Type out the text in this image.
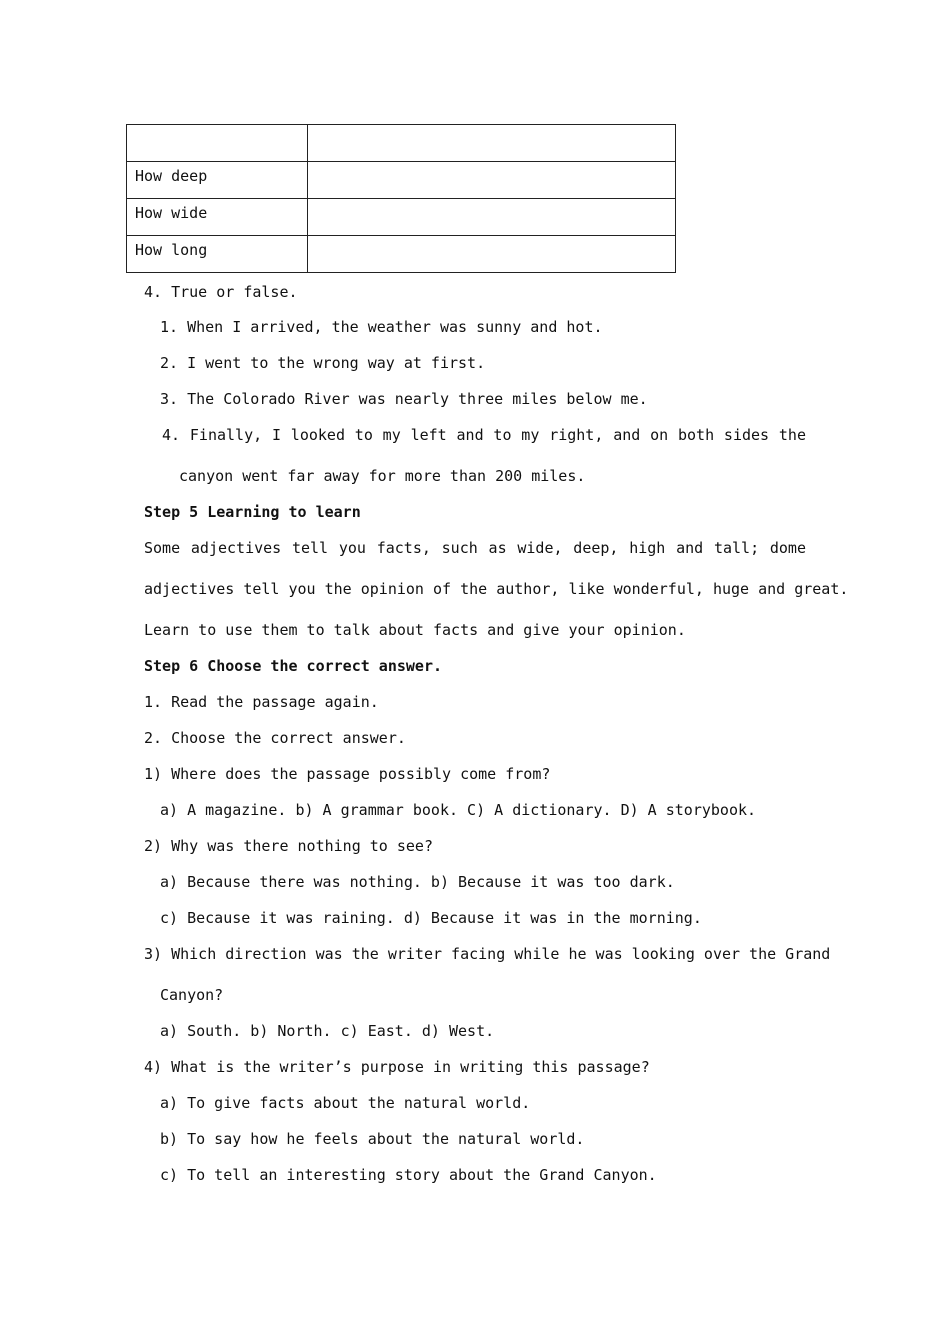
How deep	
How wide	
How long	
4. True or false.
1. When I arrived, the weather was sunny and hot.
2. I went to the wrong way at first.
3. The Colorado River was nearly three miles below me.
4. Finally, I looked to my left and to my right, and on both sides the
canyon went far away for more than 200 miles.
Step 5 Learning to learn
Some adjectives tell you facts, such as wide, deep, high and tall; dome
adjectives tell you the opinion of the author, like wonderful, huge and great.
Learn to use them to talk about facts and give your opinion.
Step 6 Choose the correct answer.
1. Read the passage again.
2. Choose the correct answer.
1) Where does the passage possibly come from?
a) A magazine. b) A grammar book. C) A dictionary. D) A storybook.
2) Why was there nothing to see?
a) Because there was nothing. b) Because it was too dark.
c) Because it was raining. d) Because it was in the morning.
3) Which direction was the writer facing while he was looking over the Grand
Canyon?
a) South. b) North. c) East. d) West.
4) What is the writer’s purpose in writing this passage?
a) To give facts about the natural world.
b) To say how he feels about the natural world.
c) To tell an interesting story about the Grand Canyon.
